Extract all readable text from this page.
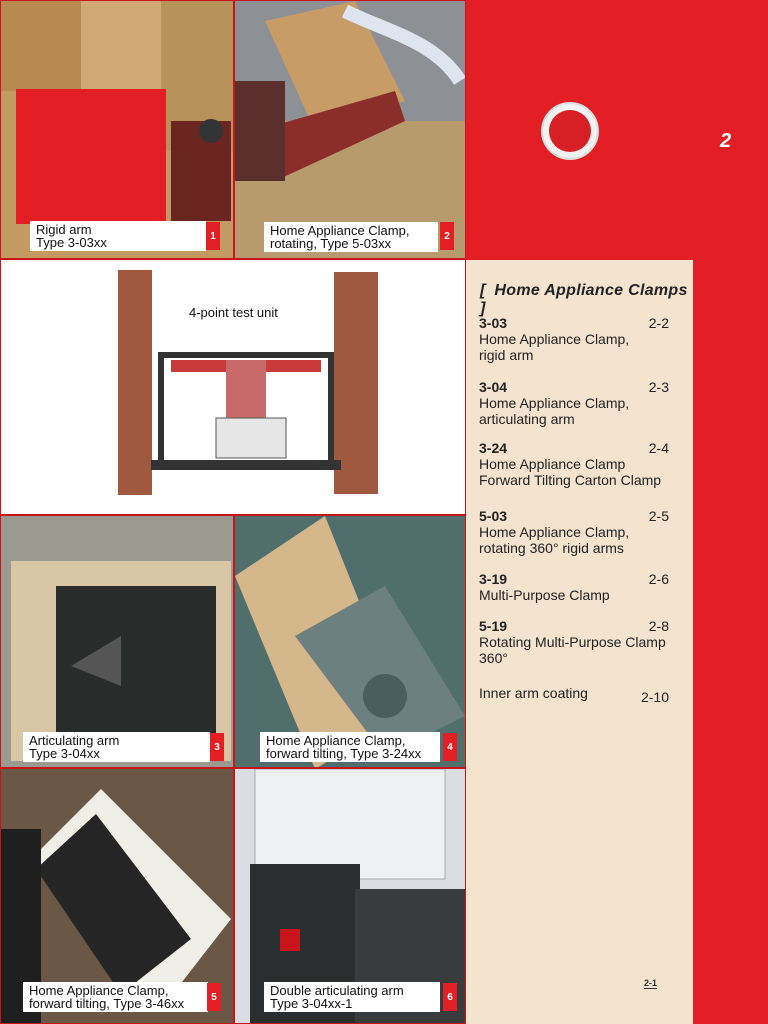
Rigid arm
Type 3-03xx	1	Home Appliance Clamp,
rotating, Type 5-03xx	2
2
4-point test unit
Articulating arm
Type 3-04xx	3	Home Appliance Clamp,
forward tilting, Type 3-24xx	4
Home Appliance Clamp,
forward tilting, Type 3-46xx	5	Double articulating arm
Type 3-04xx-1	6
[ Home Appliance Clamps ]
3-03	2-2
Home Appliance Clamp,
rigid arm
3-04	2-3
Home Appliance Clamp,
articulating arm
3-24	2-4
Home Appliance Clamp
Forward Tilting Carton Clamp
5-03	2-5
Home Appliance Clamp,
rotating 360° rigid arms
3-19	2-6
Multi-Purpose Clamp
5-19	2-8
Rotating Multi-Purpose Clamp
360°
Inner arm coating	2-10
2-1
